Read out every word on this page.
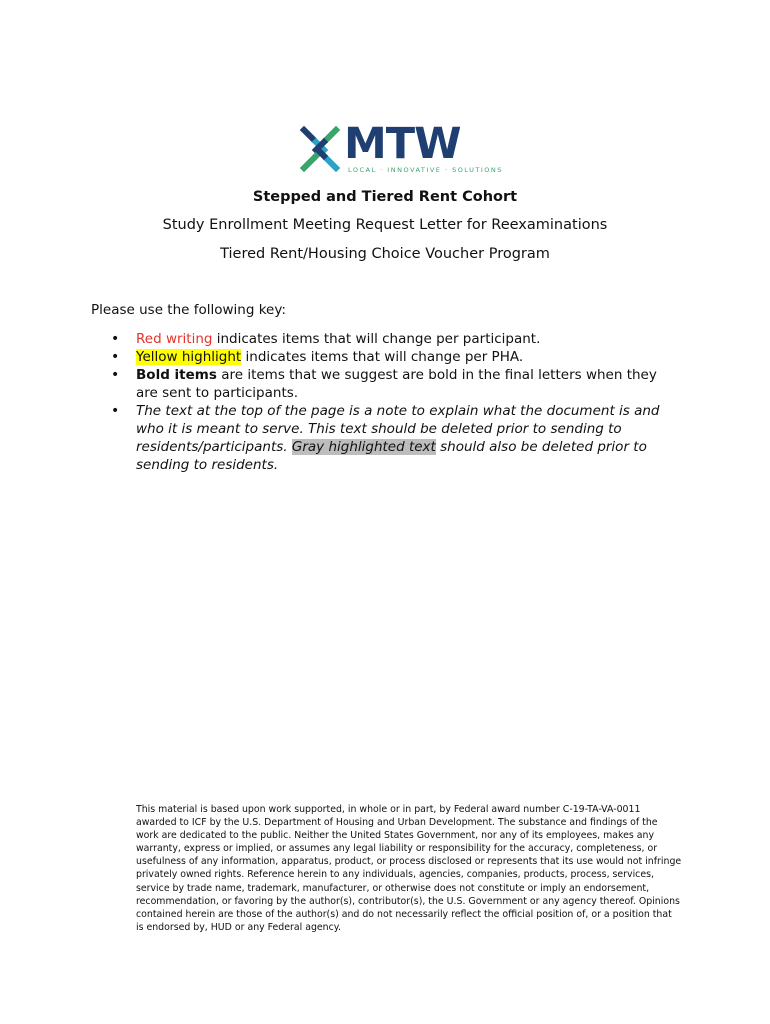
MTW
LOCAL · INNOVATIVE · SOLUTIONS
Stepped and Tiered Rent Cohort

Study Enrollment Meeting Request Letter for Reexaminations

Tiered Rent/Housing Choice Voucher Program

Please use the following key:

• Red writing indicates items that will change per participant.
• Yellow highlight indicates items that will change per PHA.
• Bold items are items that we suggest are bold in the final letters when they are sent to participants.
• The text at the top of the page is a note to explain what the document is and who it is meant to serve. This text should be deleted prior to sending to residents/participants. Gray highlighted text should also be deleted prior to sending to residents.

This material is based upon work supported, in whole or in part, by Federal award number C-19-TA-VA-0011 awarded to ICF by the U.S. Department of Housing and Urban Development. The substance and findings of the work are dedicated to the public. Neither the United States Government, nor any of its employees, makes any warranty, express or implied, or assumes any legal liability or responsibility for the accuracy, completeness, or usefulness of any information, apparatus, product, or process disclosed or represents that its use would not infringe privately owned rights. Reference herein to any individuals, agencies, companies, products, process, services, service by trade name, trademark, manufacturer, or otherwise does not constitute or imply an endorsement, recommendation, or favoring by the author(s), contributor(s), the U.S. Government or any agency thereof. Opinions contained herein are those of the author(s) and do not necessarily reflect the official position of, or a position that is endorsed by, HUD or any Federal agency.
